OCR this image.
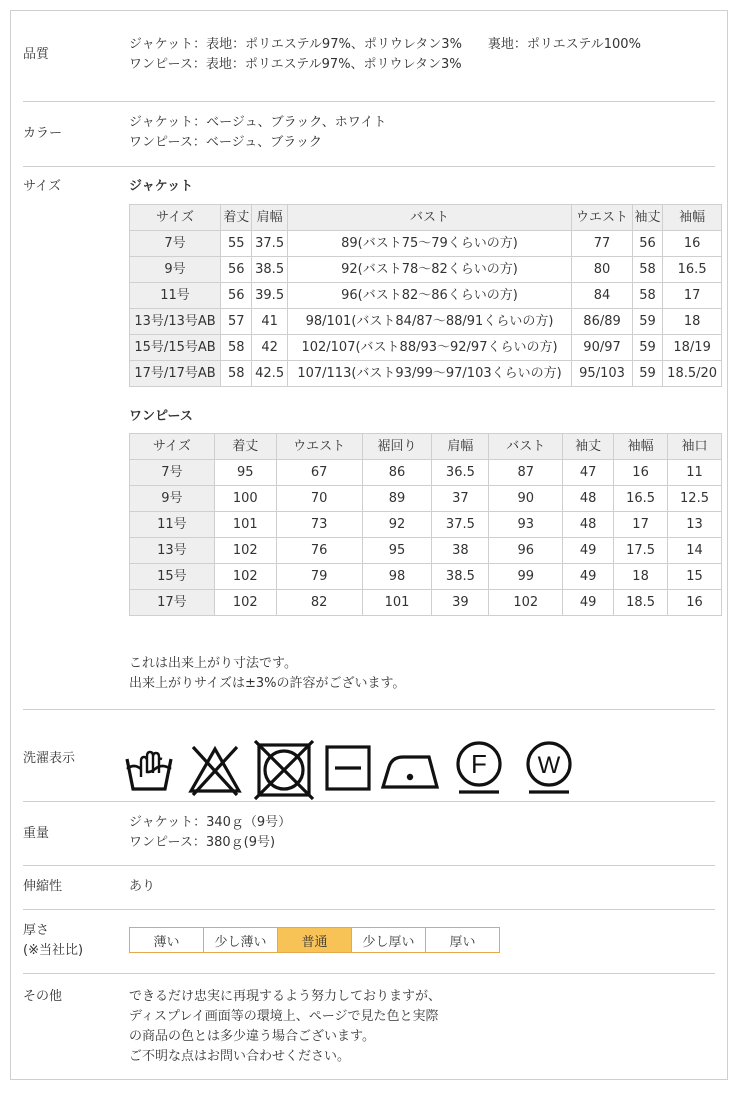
品質
ジャケット：表地：ポリエステル97%、ポリウレタン3% 裏地：ポリエステル100%
ワンピース：表地：ポリエステル97%、ポリウレタン3%
カラー
ジャケット：ベージュ、ブラック、ホワイト
ワンピース：ベージュ、ブラック
サイズ	ジャケット
サイズ	着丈	肩幅	バスト	ウエスト	袖丈	袖幅
7号	55	37.5	89(バスト75〜79くらいの方)	77	56	16
9号	56	38.5	92(バスト78〜82くらいの方)	80	58	16.5
11号	56	39.5	96(バスト82〜86くらいの方)	84	58	17
13号/13号AB	57	41	98/101(バスト84/87〜88/91くらいの方)	86/89	59	18
15号/15号AB	58	42	102/107(バスト88/93〜92/97くらいの方)	90/97	59	18/19
17号/17号AB	58	42.5	107/113(バスト93/99〜97/103くらいの方)	95/103	59	18.5/20
ワンピース
サイズ	着丈	ウエスト	裾回り	肩幅	バスト	袖丈	袖幅	袖口
7号	95	67	86	36.5	87	47	16	11
9号	100	70	89	37	90	48	16.5	12.5
11号	101	73	92	37.5	93	48	17	13
13号	102	76	95	38	96	49	17.5	14
15号	102	79	98	38.5	99	49	18	15
17号	102	82	101	39	102	49	18.5	16
これは出来上がり寸法です。
出来上がりサイズは±3%の許容がございます。
洗濯表示	F W
重量
ジャケット：340ｇ（9号）
ワンピース：380ｇ(9号)
伸縮性	あり
厚さ
(※当社比)
薄い	少し薄い	普通	少し厚い	厚い
その他	できるだけ忠実に再現するよう努力しておりますが、
ディスプレイ画面等の環境上、ページで見た色と実際
の商品の色とは多少違う場合ございます。
ご不明な点はお問い合わせください。
